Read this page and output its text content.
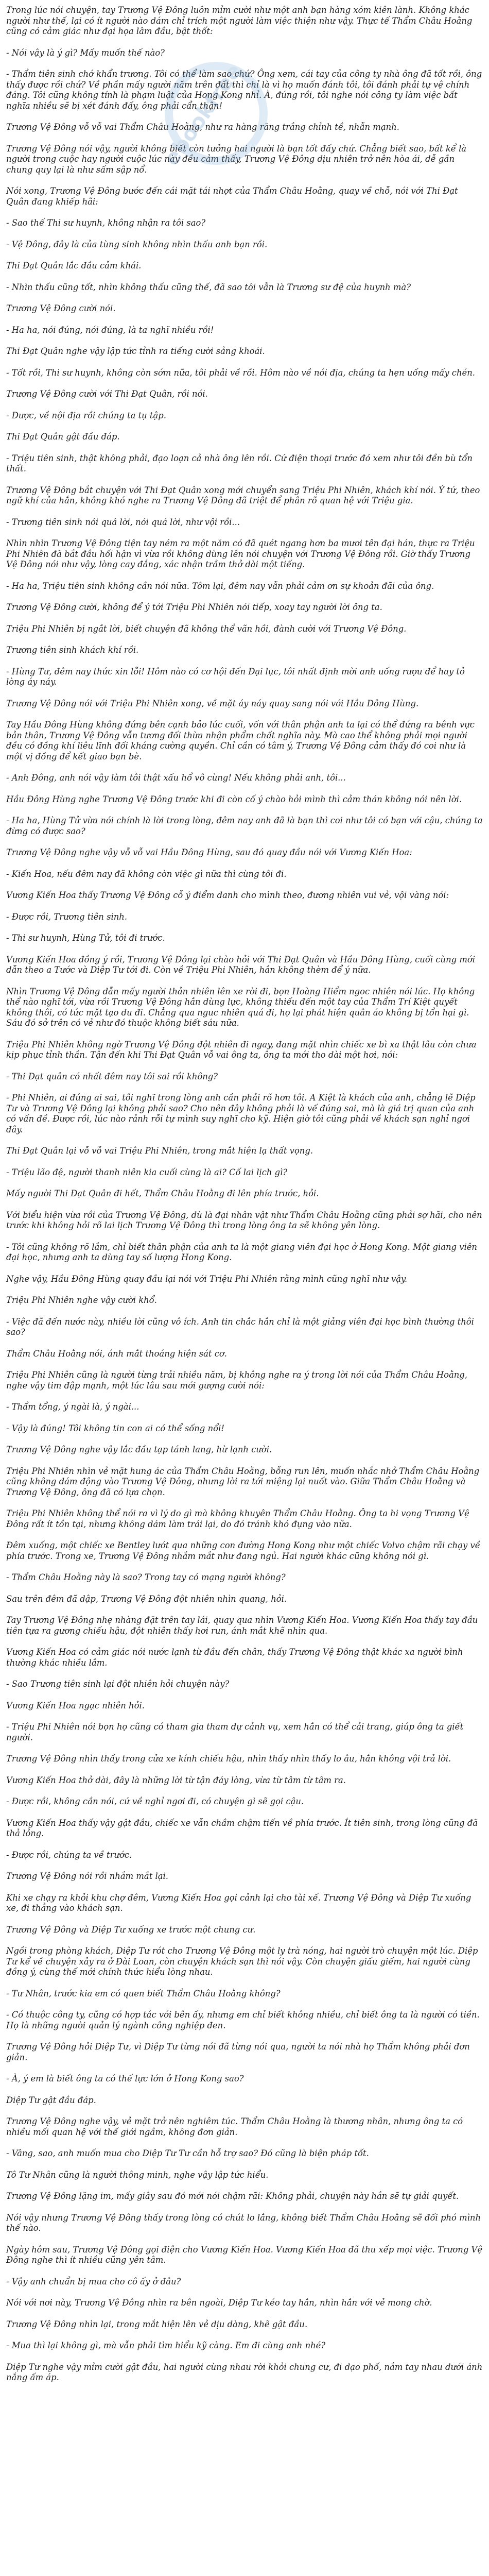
ebookfree

Trong lúc nói chuyện, tay Trương Vệ Đông luôn mỉm cười như một anh bạn hàng xóm kiên lành. Không khác người như thế, lại có ít người nào dám chỉ trích một người làm việc thiện như vậy. Thực tế Thẩm Châu Hoằng cũng có cảm giác như đại họa lâm đầu, bật thốt:

- Nói vậy là ý gì? Mấy muốn thế nào?

- Thẩm tiên sinh chớ khẩn trương. Tôi có thể làm sao chứ? Ông xem, cái tay của công ty nhà ông đã tốt rồi, ông thấy được rồi chứ? Về phần mấy người năm trên đất thì chỉ là vì họ muốn đánh tôi, tôi đánh phải tự vệ chính đáng. Tôi cũng không tính là phạm luật của Hong Kong nhỉ. À, đúng rồi, tôi nghe nói công ty làm việc bất nghĩa nhiều sẽ bị xét đánh đấy, ông phải cẩn thận!

Trương Vệ Đông vỗ vỗ vai Thẩm Châu Hoằng, như ra hàng răng trắng chỉnh tề, nhẫn mạnh.

Trương Vệ Đông nói vậy, người không biết còn tưởng hai người là bạn tốt đấy chứ. Chẳng biết sao, bất kể là người trong cuộc hay người cuộc lúc này đều cảm thấy, Trương Vệ Đông dịu nhiên trở nên hòa ái, dễ gần chung quy lại là như sấm sập nổ.

Nói xong, Trương Vệ Đông bước đến cái mặt tái nhợt của Thẩm Châu Hoằng, quay về chỗ, nói với Thi Đạt Quân đang khiếp hãi:

- Sao thế Thi sư huynh, không nhận ra tôi sao?

- Vệ Đông, đây là của tùng sinh không nhìn thấu anh bạn rồi.

Thi Đạt Quân lắc đầu cảm khái.

- Nhìn thấu cũng tốt, nhìn không thấu cũng thế, đã sao tôi vẫn là Trương sư đệ của huynh mà?

Trương Vệ Đông cười nói.

- Ha ha, nói đúng, nói đúng, là ta nghĩ nhiều rồi!

Thi Đạt Quân nghe vậy lập tức tỉnh ra tiếng cười sảng khoái.

- Tốt rồi, Thi sư huynh, không còn sớm nữa, tôi phải về rồi. Hôm nào về nói địa, chúng ta hẹn uống mấy chén.

Trương Vệ Đông cười với Thi Đạt Quân, rồi nói.

- Được, về nội địa rồi chúng ta tụ tập.

Thi Đạt Quân gật đầu đáp.

- Triệu tiên sinh, thật không phải, đạo loạn cả nhà ông lên rồi. Cứ điện thoại trước đó xem như tôi đền bù tổn thất.

Trương Vệ Đông bắt chuyện với Thi Đạt Quân xong mới chuyển sang Triệu Phi Nhiên, khách khí nói. Ý tứ, theo ngữ khí của hắn, không khó nghe ra Trương Vệ Đông đã triệt để phân rõ quan hệ với Triệu gia.

- Trương tiên sinh nói quá lời, nói quá lời, như vội rồi...

Nhìn nhìn Trương Vệ Đông tiện tay ném ra một năm có đã quét ngang hơn ba mươi tên đại hán, thực ra Triệu Phi Nhiên đã bắt đầu hối hận vì vừa rồi không dùng lên nói chuyện với Trương Vệ Đông rồi. Giờ thấy Trương Vệ Đông nói như vậy, lòng cay đắng, xác nhận trầm thở dài một tiếng.

- Ha ha, Triệu tiên sinh không cần nói nữa. Tôm lại, đêm nay vẫn phải cảm ơn sự khoản đãi của ông.

Trương Vệ Đông cười, không để ý tới Triệu Phi Nhiên nói tiếp, xoay tay người lời ông ta.

Triệu Phi Nhiên bị ngắt lời, biết chuyện đã không thể vãn hồi, đành cười với Trương Vệ Đông.

Trương tiên sinh khách khí rồi.

- Hùng Tư, đêm nay thức xin lỗi! Hôm nào có cơ hội đến Đại lục, tôi nhất định mời anh uống rượu để hay tỏ lòng áy náy.

Trương Vệ Đông nói với Triệu Phi Nhiên xong, về mặt áy náy quay sang nói với Hầu Đông Hùng.

Tay Hầu Đông Hùng không đứng bên cạnh bảo lúc cuối, vốn với thân phận anh ta lại có thể đứng ra bênh vực bản thân, Trương Vệ Đông vẫn tương đối thừa nhận phẩm chất nghĩa này. Mà cao thể không phải mọi người đều có đồng khí liêu lĩnh đối kháng cường quyền. Chỉ cần có tâm ý, Trương Vệ Đông cảm thấy đó coi như là một vị đồng để kết giao bạn bè.

- Anh Đông, anh nói vậy làm tôi thật xấu hổ vô cùng! Nếu không phải anh, tôi...

Hầu Đông Hùng nghe Trương Vệ Đông trước khi đi còn cố ý chào hỏi mình thì cảm thán không nói nên lời.

- Ha ha, Hùng Tử vừa nói chính là lời trong lòng, đêm nay anh đã là bạn thì coi như tôi có bạn với cậu, chúng ta đừng có được sao?

Trương Vệ Đông nghe vậy vỗ vỗ vai Hầu Đông Hùng, sau đó quay đầu nói với Vương Kiến Hoa:

- Kiến Hoa, nếu đêm nay đã không còn việc gì nữa thì cùng tôi đi.

Vương Kiến Hoa thấy Trương Vệ Đông cỗ ý điểm danh cho mình theo, đương nhiên vui vẻ, vội vàng nói:

- Được rồi, Trương tiên sinh.

- Thi sư huynh, Hùng Tử, tôi đi trước.

Vương Kiến Hoa đồng ý rồi, Trương Vệ Đông lại chào hỏi với Thi Đạt Quân và Hầu Đông Hùng, cuối cùng mới dẫn theo a Tước và Diệp Tư tới đi. Còn về Triệu Phi Nhiên, hắn không thèm để ý nữa.

Nhìn Trương Vệ Đông dẫn mấy người thản nhiên lên xe rời đi, bọn Hoàng Hiểm ngoc nhiên nói lúc. Họ không thể nào nghĩ tới, vừa rồi Trương Vệ Đông hắn dùng lực, không thiếu đến một tay của Thẩm Trí Kiệt quyết không thôi, có tức mặt tạo du đi. Chẳng qua nguc nhiên quá đi, họ lại phát hiện quân áo không bị tổn hại gì. Sáu đó sở trên có vẻ như đó thuộc không biết sáu nữa.

Triệu Phi Nhiên không ngờ Trương Vệ Đông đột nhiên đi ngay, đang mặt nhìn chiếc xe bì xa thật lâu còn chưa kịp phục tỉnh thần. Tận đến khi Thi Đạt Quân vỗ vai ông ta, ông ta mới tho dài một hơi, nói:

- Thi Đạt quân có nhất đêm nay tôi sai rồi không?

- Phi Nhiên, ai đúng ai sai, tôi nghĩ trong lòng anh cần phải rõ hơn tôi. A Kiệt là khách của anh, chẳng lẽ Diệp Tư và Trương Vệ Đông lại không phải sao? Cho nên đây không phải là vế đúng sai, mà là giá trị quan của anh có vấn đề. Được rồi, lúc nào rảnh rỗi tự mình suy nghĩ cho kỹ. Hiện giờ tôi cũng phải về khách sạn nghỉ ngơi đây.

Thi Đạt Quân lại vỗ vỗ vai Triệu Phi Nhiên, trong mắt hiện lạ thất vọng.

- Triệu lão đệ, người thanh niên kia cuối cùng là ai? Cố lai lịch gì?

Mấy người Thi Đạt Quân đi hết, Thẩm Châu Hoằng đi lên phía trước, hỏi.

Với biểu hiện vừa rồi của Trương Vệ Đông, dù là đại nhân vật như Thẩm Châu Hoằng cũng phải sợ hãi, cho nên trước khi không hỏi rõ lai lịch Trương Vệ Đông thì trong lòng ông ta sẽ không yên lòng.

- Tôi cũng không rõ lắm, chỉ biết thân phận của anh ta là một giang viên đại học ở Hong Kong. Một giang viên đại học, nhưng anh ta dùng tay số lượng Hong Kong.

Nghe vậy, Hầu Đông Hùng quay đầu lại nói với Triệu Phi Nhiên rằng mình cũng nghĩ như vậy.

Triệu Phi Nhiên nghe vậy cười khổ.

- Việc đã đến nước này, nhiều lời cũng vô ích. Anh tin chắc hắn chỉ là một giảng viên đại học bình thường thôi sao?

Thẩm Châu Hoằng nói, ánh mắt thoáng hiện sát cơ.

Triệu Phi Nhiên cũng là người từng trải nhiều năm, bị không nghe ra ý trong lời nói của Thẩm Châu Hoằng, nghe vậy tim đập mạnh, một lúc lâu sau mới gượng cười nói:

- Thẩm tổng, ý ngài là, ý ngài...

- Vậy là đúng! Tôi không tin con ai có thể sống nổi!

Trương Vệ Đông nghe vậy lắc đầu tạp tánh lang, hừ lạnh cười.

Triệu Phi Nhiên nhìn vẻ mặt hung ác của Thẩm Châu Hoằng, bỗng run lên, muốn nhắc nhở Thẩm Châu Hoằng cũng không dám động vào Trương Vệ Đông, nhưng lời ra tới miệng lại nuốt vào. Giữa Thẩm Châu Hoằng và Trương Vệ Đông, ông đã có lựa chọn.

Triệu Phi Nhiên không thể nói ra vì lý do gì mà không khuyên Thẩm Châu Hoằng. Ông ta hi vọng Trương Vệ Đông rất ít tồn tại, nhưng không dám làm trái lại, do đó tránh khó đụng vào nữa.

Đêm xuống, một chiếc xe Bentley lướt qua những con đường Hong Kong như một chiếc Volvo chậm rãi chạy về phía trước. Trong xe, Trương Vệ Đông nhắm mắt như đang ngủ. Hai người khác cũng không nói gì.

- Thẩm Châu Hoằng này là sao? Trong tay có mạng người không?

Sau trên đêm đã dập, Trương Vệ Đông đột nhiên nhìn quang, hỏi.

Tay Trương Vệ Đông nhẹ nhàng đặt trên tay lái, quay qua nhìn Vương Kiến Hoa. Vương Kiến Hoa thấy tay đầu tiên tựa ra gương chiếu hậu, đột nhiên thấy hơi run, ánh mắt khẽ nhìn qua.

Vương Kiến Hoa có cảm giác nói nước lạnh từ đầu đến chân, thấy Trương Vệ Đông thật khác xa người bình thường khác nhiều lắm.

- Sao Trương tiên sinh lại đột nhiên hỏi chuyện này?

Vương Kiến Hoa ngạc nhiên hỏi.

- Triệu Phi Nhiên nói bọn họ cũng có tham gia tham dự cảnh vụ, xem hắn có thể cải trang, giúp ông ta giết người.

Trương Vệ Đông nhìn thấy trong cửa xe kính chiếu hậu, nhìn thấy nhìn thấy lo âu, hắn không vội trả lời.

Vương Kiến Hoa thở dài, đây là những lời từ tận đáy lòng, vừa từ tâm từ tâm ra.

- Được rồi, không cần nói, cứ về nghỉ ngơi đi, có chuyện gì sẽ gọi cậu.

Vương Kiến Hoa thấy vậy gật đầu, chiếc xe vẫn chầm chậm tiến về phía trước. Ít tiên sinh, trong lòng cũng đã thả lỏng.

- Được rồi, chúng ta về trước.

Trương Vệ Đông nói rồi nhắm mắt lại.

Khi xe chạy ra khỏi khu chợ đêm, Vương Kiến Hoa gọi cảnh lại cho tài xế. Trương Vệ Đông và Diệp Tư xuống xe, đi thẳng vào khách sạn.

Trương Vệ Đông và Diệp Tư xuống xe trước một chung cư.

Ngồi trong phòng khách, Diệp Tư rót cho Trương Vệ Đông một ly trà nóng, hai người trò chuyện một lúc. Diệp Tư kể về chuyện xảy ra ở Đài Loan, còn chuyện khách sạn thì nói vậy. Còn chuyện giấu giếm, hai người cùng đồng ý, cùng thế mới chính thức hiểu lòng nhau.

- Tư Nhân, trước kia em có quen biết Thẩm Châu Hoằng không?

- Có thuộc công ty, cũng có hợp tác với bên ấy, nhưng em chỉ biết không nhiều, chỉ biết ông ta là người có tiền. Họ là những người quản lý ngành công nghiệp đen.

Trương Vệ Đông hỏi Diệp Tư, vì Diệp Tư từng nói đã từng nói qua, người ta nói nhà họ Thẩm không phải đơn giản.

- À, ý em là biết ông ta có thế lực lớn ở Hong Kong sao?

Diệp Tư gật đầu đáp.

Trương Vệ Đông nghe vậy, vẻ mặt trở nên nghiêm túc. Thẩm Châu Hoằng là thương nhân, nhưng ông ta có nhiều mối quan hệ với thế giới ngầm, không đơn giản.

- Vâng, sao, anh muốn mua cho Diệp Tư Tư cần hỗ trợ sao? Đó cũng là biện pháp tốt.

Tô Tư Nhân cũng là người thông minh, nghe vậy lập tức hiểu.

Trương Vệ Đông lặng im, mấy giây sau đó mới nói chậm rãi: Không phải, chuyện này hắn sẽ tự giải quyết.

Nói vậy nhưng Trương Vệ Đông thấy trong lòng có chút lo lắng, không biết Thẩm Châu Hoằng sẽ đối phó mình thế nào.

Ngày hôm sau, Trương Vệ Đông gọi điện cho Vương Kiến Hoa. Vương Kiến Hoa đã thu xếp mọi việc. Trương Vệ Đông nghe thì ít nhiều cũng yên tâm.

- Vậy anh chuẩn bị mua cho cô ấy ở đâu?

Nói với nơi này, Trương Vệ Đông nhìn ra bên ngoài, Diệp Tư kéo tay hắn, nhìn hắn với vẻ mong chờ.

Trương Vệ Đông nhìn lại, trong mắt hiện lên vẻ dịu dàng, khẽ gật đầu.

- Mua thì lại không gì, mà vẫn phải tìm hiểu kỹ càng. Em đi cùng anh nhé?

Diệp Tư nghe vậy mỉm cười gật đầu, hai người cùng nhau rời khỏi chung cư, đi dạo phố, nắm tay nhau dưới ánh nắng ấm áp.
